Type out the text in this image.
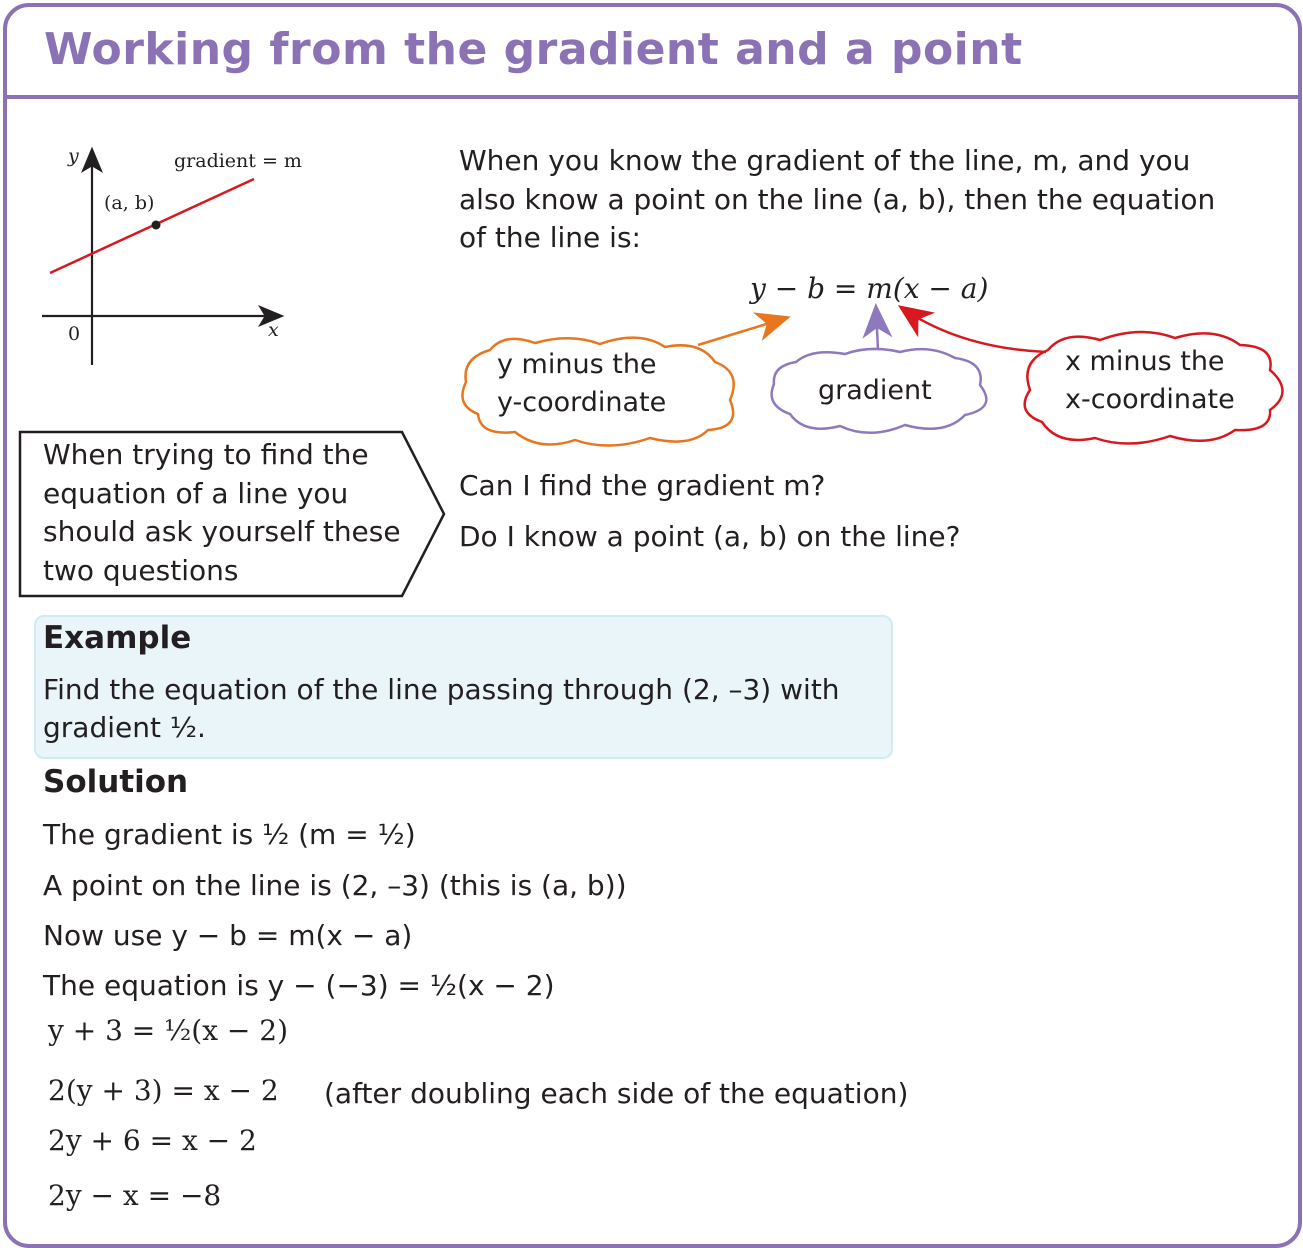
Working from the gradient and a point
y
x
0
gradient = m
(a, b)
When you know the gradient of the line, m, and you
also know a point on the line (a, b), then the equation
of the line is:
y − b = m(x − a)
y minus the
y-coordinate	gradient
x minus the
x-coordinate
When trying to find the
equation of a line you
should ask yourself these
two questions
Can I find the gradient m?
Do I know a point (a, b) on the line?
Example
Find the equation of the line passing through (2, –3) with
gradient ½.
Solution
The gradient is ½ (m = ½)
A point on the line is (2, –3) (this is (a, b))
Now use y − b = m(x − a)
The equation is y − (−3) = ½(x − 2)
y + 3 = ½(x − 2)
2(y + 3) = x − 2 (after doubling each side of the equation)
2y + 6 = x − 2
2y − x = −8
